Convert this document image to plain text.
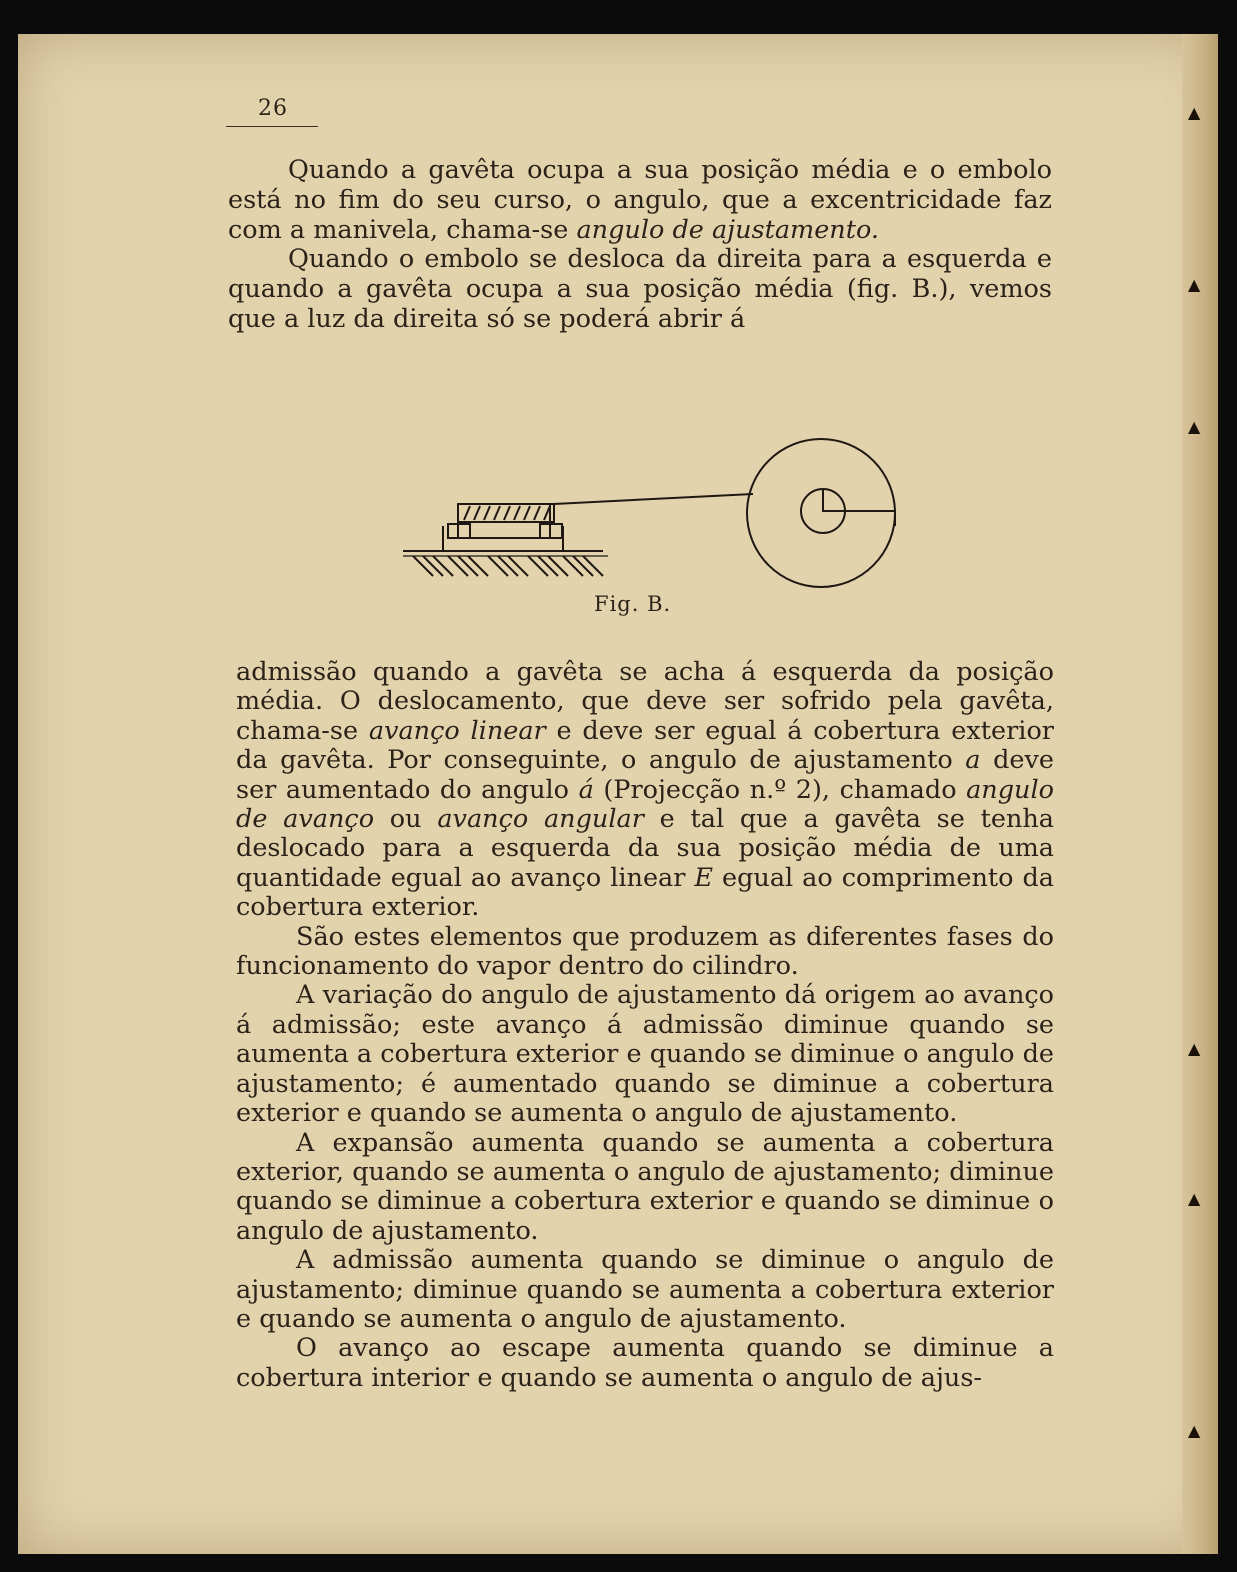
▲
▲
▲
▲
▲
▲
26

Quando a gavêta ocupa a sua posição média e o embolo está no fim do seu curso, o angulo, que a excentricidade faz com a manivela, chama-se angulo de ajustamento.

Quando o embolo se desloca da direita para a esquerda e quando a gavêta ocupa a sua posição média (fig. B.), vemos que a luz da direita só se poderá abrir á

Fig. B.

admissão quando a gavêta se acha á esquerda da posição média. O deslocamento, que deve ser sofrido pela gavêta, chama-se avanço linear e deve ser egual á cobertura exterior da gavêta. Por conseguinte, o angulo de ajustamento a deve ser aumentado do angulo á (Projecção n.º 2), chamado angulo de avanço ou avanço angular e tal que a gavêta se tenha deslocado para a esquerda da sua posição média de uma quantidade egual ao avanço linear E egual ao comprimento da cobertura exterior.

São estes elementos que produzem as diferentes fases do funcionamento do vapor dentro do cilindro.

A variação do angulo de ajustamento dá origem ao avanço á admissão; este avanço á admissão diminue quando se aumenta a cobertura exterior e quando se diminue o angulo de ajustamento; é aumentado quando se diminue a cobertura exterior e quando se aumenta o angulo de ajustamento.

A expansão aumenta quando se aumenta a cobertura exterior, quando se aumenta o angulo de ajustamento; diminue quando se diminue a cobertura exterior e quando se diminue o angulo de ajustamento.

A admissão aumenta quando se diminue o angulo de ajustamento; diminue quando se aumenta a cobertura exterior e quando se aumenta o angulo de ajustamento.

O avanço ao escape aumenta quando se diminue a cobertura interior e quando se aumenta o angulo de ajus-
